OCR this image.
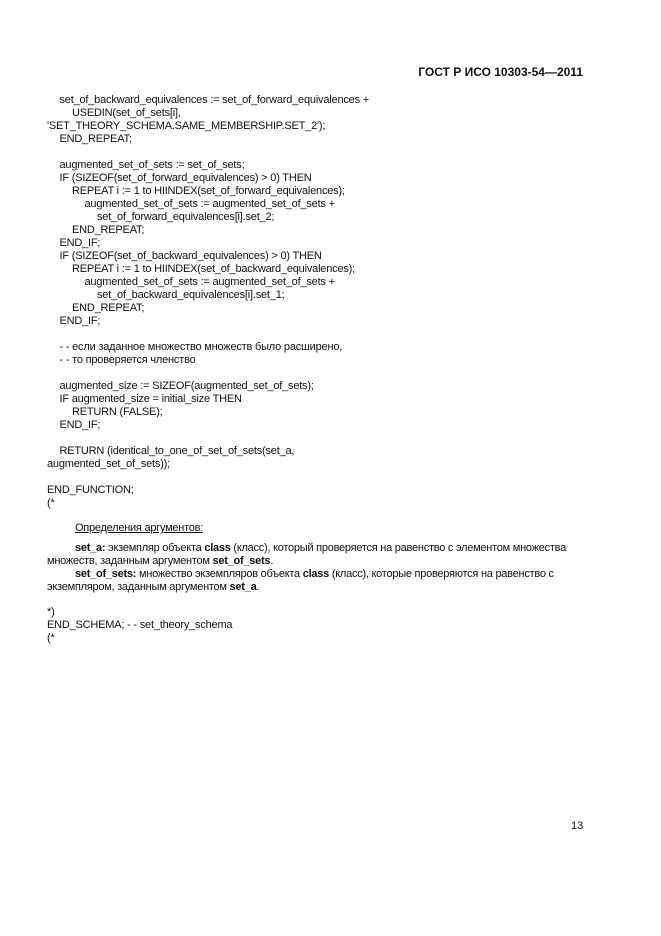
ГОСТ Р ИСО 10303-54—2011
set_of_backward_equivalences := set_of_forward_equivalences +
USEDIN(set_of_sets[i],
'SET_THEORY_SCHEMA.SAME_MEMBERSHIP.SET_2');
END_REPEAT;
augmented_set_of_sets := set_of_sets;
IF (SIZEOF(set_of_forward_equivalences) > 0) THEN
REPEAT i := 1 to HIINDEX(set_of_forward_equivalences);
augmented_set_of_sets := augmented_set_of_sets +
set_of_forward_equivalences[i].set_2;
END_REPEAT;
END_IF;
IF (SIZEOF(set_of_backward_equivalences) > 0) THEN
REPEAT i := 1 to HIINDEX(set_of_backward_equivalences);
augmented_set_of_sets := augmented_set_of_sets +
set_of_backward_equivalences[i].set_1;
END_REPEAT;
END_IF;
- - если заданное множество множеств было расширено,
- - то проверяется членство
augmented_size := SIZEOF(augmented_set_of_sets);
IF augmented_size = initial_size THEN
RETURN (FALSE);
END_IF;
RETURN (identical_to_one_of_set_of_sets(set_a,
augmented_set_of_sets));
END_FUNCTION;
(*
Определения аргументов:
set_a: экземпляр объекта class (класс), который проверяется на равенство с элементом множества множеств, заданным аргументом set_of_sets.
set_of_sets: множество экземпляров объекта class (класс), которые проверяются на равенство с экземпляром, заданным аргументом set_a.
*)
END_SCHEMA; - - set_theory_schema
(*
13
